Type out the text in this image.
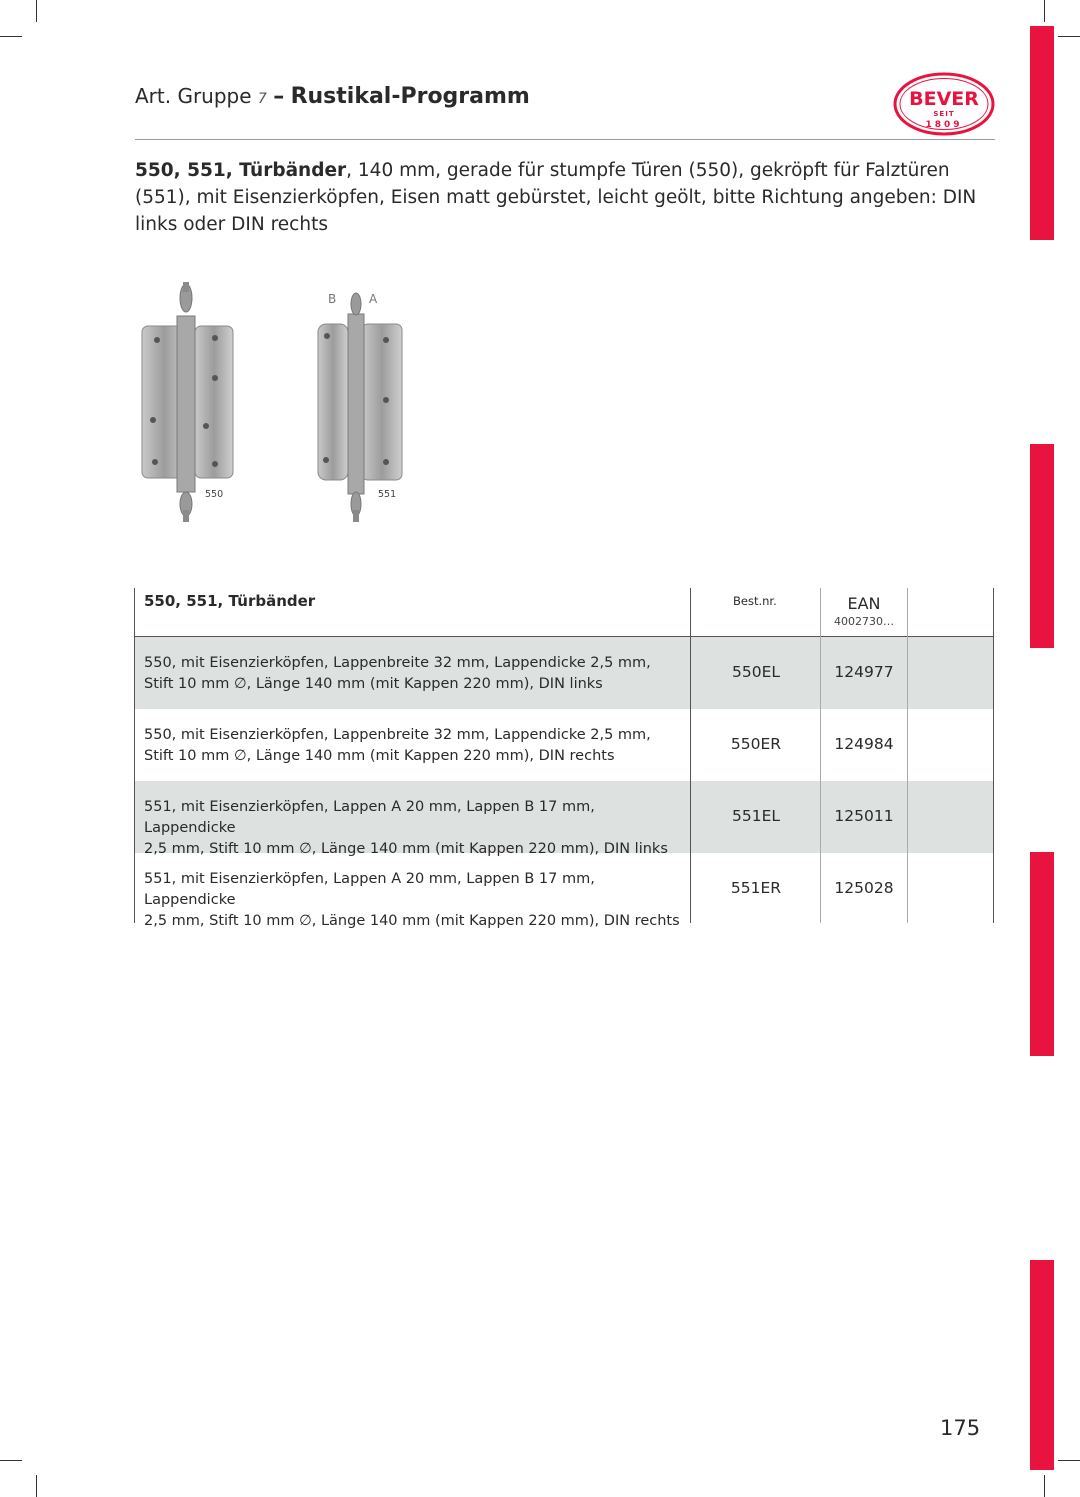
Art. Gruppe 7 – Rustikal-Programm	BEVER
SEIT
1809
550, 551, Türbänder, 140 mm, gerade für stumpfe Türen (550), gekröpft für Falztüren (551), mit Eisenzierköpfen, Eisen matt gebürstet, leicht geölt, bitte Richtung angeben: DIN links oder DIN rechts
550
B	A
551
550, 551, Türbänder	Best.nr.	EAN
4002730…
550, mit Eisenzierköpfen, Lappenbreite 32 mm, Lappendicke 2,5 mm,
Stift 10 mm ∅, Länge 140 mm (mit Kappen 220 mm), DIN links
550EL	124977
550, mit Eisenzierköpfen, Lappenbreite 32 mm, Lappendicke 2,5 mm,
Stift 10 mm ∅, Länge 140 mm (mit Kappen 220 mm), DIN rechts
550ER	124984
551, mit Eisenzierköpfen, Lappen A 20 mm, Lappen B 17 mm, Lappendicke
2,5 mm, Stift 10 mm ∅, Länge 140 mm (mit Kappen 220 mm), DIN links
551EL	125011
551, mit Eisenzierköpfen, Lappen A 20 mm, Lappen B 17 mm, Lappendicke
2,5 mm, Stift 10 mm ∅, Länge 140 mm (mit Kappen 220 mm), DIN rechts
551ER	125028
175
